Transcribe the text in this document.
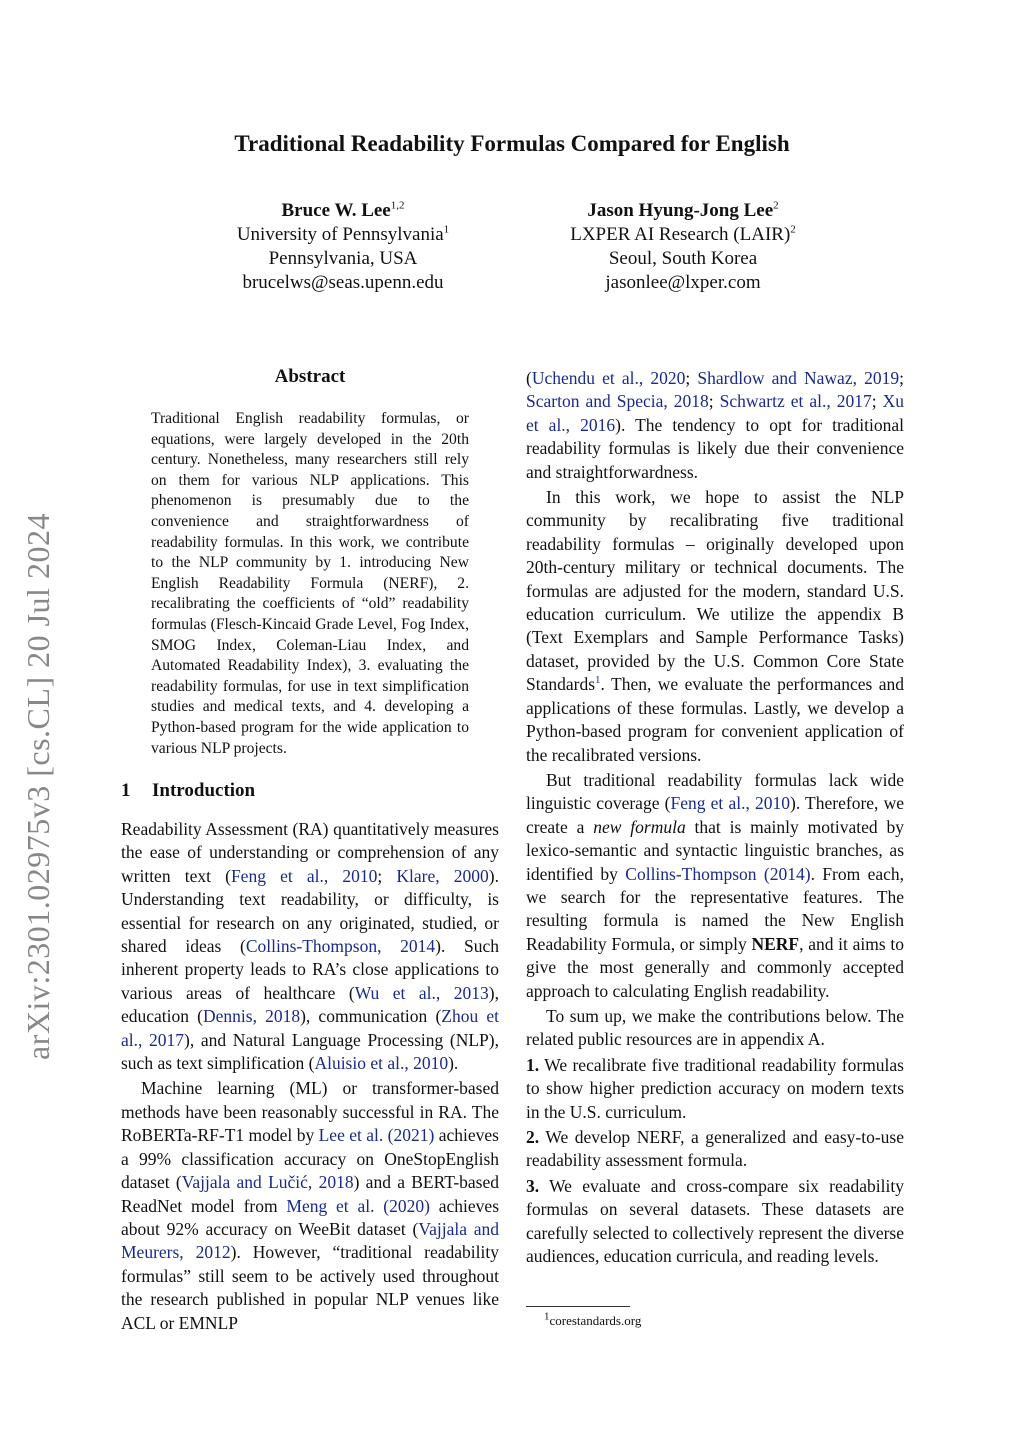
arXiv:2301.02975v3 [cs.CL] 20 Jul 2024
Traditional Readability Formulas Compared for English
Bruce W. Lee$^{1,2}$
University of Pennsylvania$^1$
Pennsylvania, USA
brucelws@seas.upenn.edu
Jason Hyung-Jong Lee$^2$
LXPER AI Research (LAIR)$^2$
Seoul, South Korea
jasonlee@lxper.com
Abstract
Traditional English readability formulas, or equations, were largely developed in the 20th century. Nonetheless, many researchers still rely on them for various NLP applications. This phenomenon is presumably due to the convenience and straightforwardness of readability formulas. In this work, we contribute to the NLP community by 1. introducing New English Readability Formula (NERF), 2. recalibrating the coefficients of “old” readability formulas (Flesch-Kincaid Grade Level, Fog Index, SMOG Index, Coleman-Liau Index, and Automated Readability Index), 3. evaluating the readability formulas, for use in text simplification studies and medical texts, and 4. developing a Python-based program for the wide application to various NLP projects.
1 Introduction

Readability Assessment (RA) quantitatively measures the ease of understanding or comprehension of any written text (Feng et al., 2010; Klare, 2000). Understanding text readability, or difficulty, is essential for research on any originated, studied, or shared ideas (Collins-Thompson, 2014). Such inherent property leads to RA’s close applications to various areas of healthcare (Wu et al., 2013), education (Dennis, 2018), communication (Zhou et al., 2017), and Natural Language Processing (NLP), such as text simplification (Aluisio et al., 2010).

Machine learning (ML) or transformer-based methods have been reasonably successful in RA. The RoBERTa-RF-T1 model by Lee et al. (2021) achieves a 99% classification accuracy on OneStopEnglish dataset (Vajjala and Lučić, 2018) and a BERT-based ReadNet model from Meng et al. (2020) achieves about 92% accuracy on WeeBit dataset (Vajjala and Meurers, 2012). However, “traditional readability formulas” still seem to be actively used throughout the research published in popular NLP venues like ACL or EMNLP

(Uchendu et al., 2020; Shardlow and Nawaz, 2019; Scarton and Specia, 2018; Schwartz et al., 2017; Xu et al., 2016). The tendency to opt for traditional readability formulas is likely due their convenience and straightforwardness.

In this work, we hope to assist the NLP community by recalibrating five traditional readability formulas – originally developed upon 20th-century military or technical documents. The formulas are adjusted for the modern, standard U.S. education curriculum. We utilize the appendix B (Text Exemplars and Sample Performance Tasks) dataset, provided by the U.S. Common Core State Standards$^1$. Then, we evaluate the performances and applications of these formulas. Lastly, we develop a Python-based program for convenient application of the recalibrated versions.

But traditional readability formulas lack wide linguistic coverage (Feng et al., 2010). Therefore, we create a new formula that is mainly motivated by lexico-semantic and syntactic linguistic branches, as identified by Collins-Thompson (2014). From each, we search for the representative features. The resulting formula is named the New English Readability Formula, or simply NERF, and it aims to give the most generally and commonly accepted approach to calculating English readability.

To sum up, we make the contributions below. The related public resources are in appendix A.

1. We recalibrate five traditional readability formulas to show higher prediction accuracy on modern texts in the U.S. curriculum.

2. We develop NERF, a generalized and easy-to-use readability assessment formula.

3. We evaluate and cross-compare six readability formulas on several datasets. These datasets are carefully selected to collectively represent the diverse audiences, education curricula, and reading levels.

$^1$corestandards.org
